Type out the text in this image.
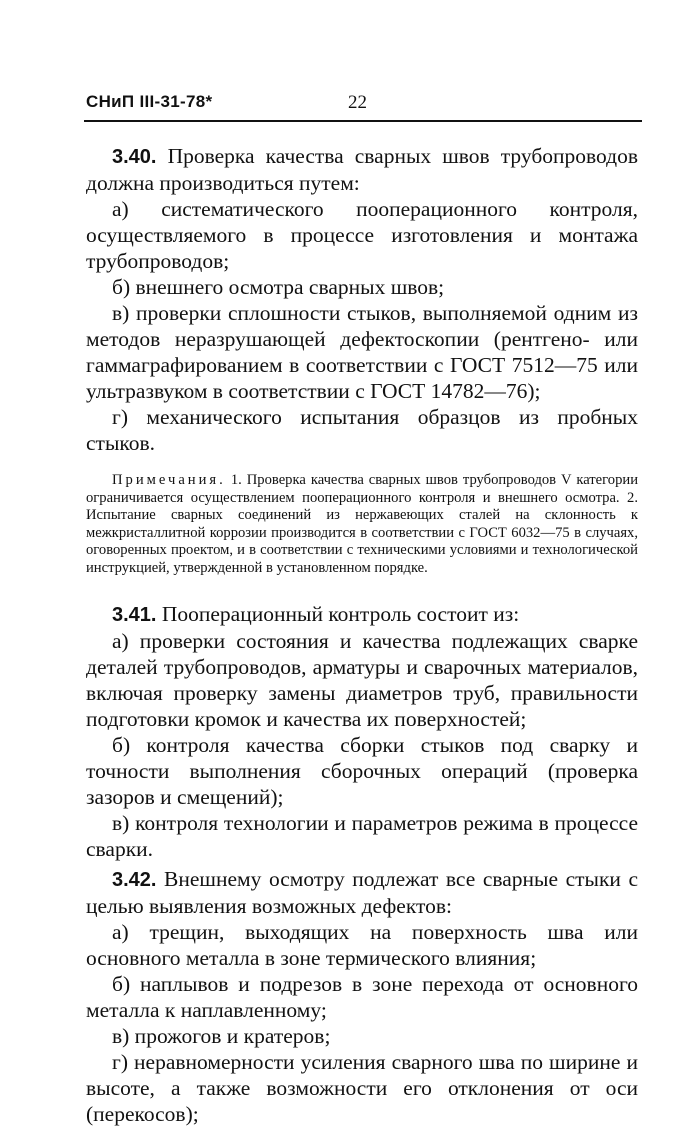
СНиП III-31-78*	22

3.40. Проверка качества сварных швов трубопроводов должна производиться путем:

а) систематического пооперационного контроля, осуществляемого в процессе изготовления и монтажа трубопроводов;

б) внешнего осмотра сварных швов;

в) проверки сплошности стыков, выполняемой одним из методов неразрушающей дефектоскопии (рентгено- или гаммаграфированием в соответствии с ГОСТ 7512—75 или ультразвуком в соответствии с ГОСТ 14782—76);

г) механического испытания образцов из пробных стыков.

Примечания. 1. Проверка качества сварных швов трубопроводов V категории ограничивается осуществлением пооперационного контроля и внешнего осмотра. 2. Испытание сварных соединений из нержавеющих сталей на склонность к межкристаллитной коррозии производится в соответствии с ГОСТ 6032—75 в случаях, оговоренных проектом, и в соответствии с техническими условиями и технологической инструкцией, утвержденной в установленном порядке.

3.41. Пооперационный контроль состоит из:

а) проверки состояния и качества подлежащих сварке деталей трубопроводов, арматуры и сварочных материалов, включая проверку замены диаметров труб, правильности подготовки кромок и качества их поверхностей;

б) контроля качества сборки стыков под сварку и точности выполнения сборочных операций (проверка зазоров и смещений);

в) контроля технологии и параметров режима в процессе сварки.

3.42. Внешнему осмотру подлежат все сварные стыки с целью выявления возможных дефектов:

а) трещин, выходящих на поверхность шва или основного металла в зоне термического влияния;

б) наплывов и подрезов в зоне перехода от основного металла к наплавленному;

в) прожогов и кратеров;

г) неравномерности усиления сварного шва по ширине и высоте, а также возможности его отклонения от оси (перекосов);
